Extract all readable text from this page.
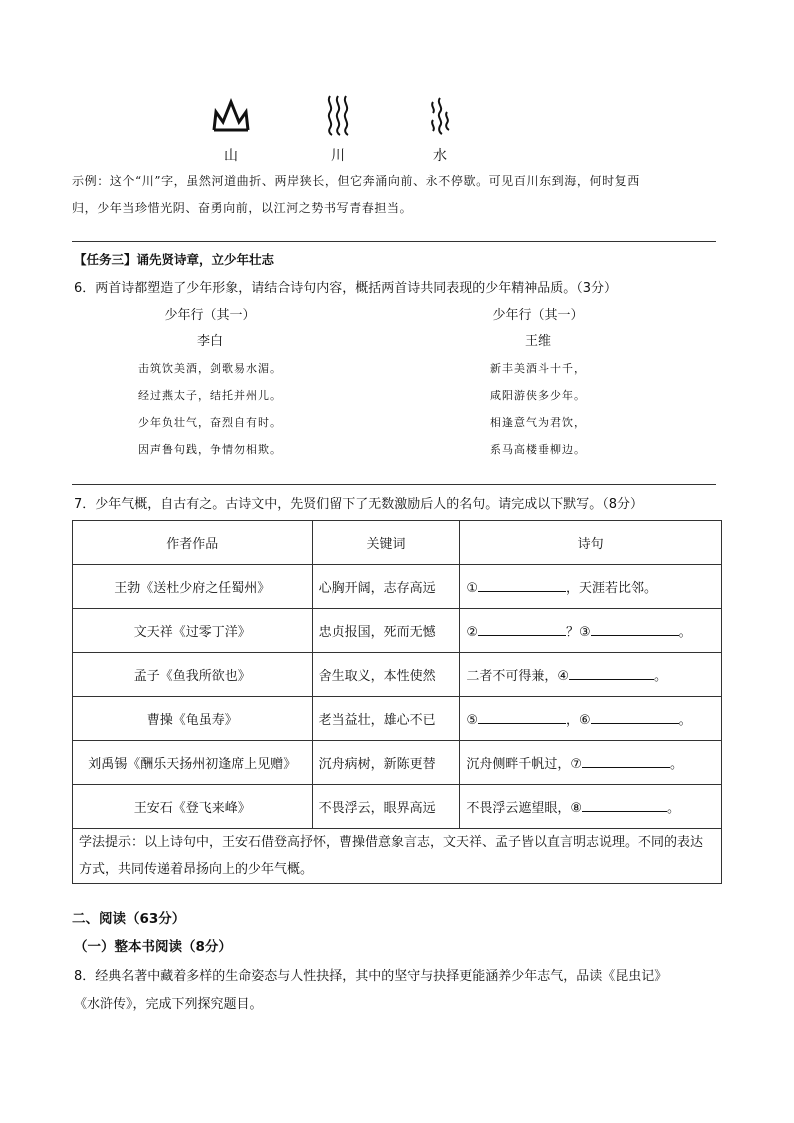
山	川	水
示例：这个“川”字，虽然河道曲折、两岸狭长，但它奔涌向前、永不停歇。可见百川东到海，何时复西
归，少年当珍惜光阴、奋勇向前，以江河之势书写青春担当。
【任务三】诵先贤诗章，立少年壮志
6．两首诗都塑造了少年形象，请结合诗句内容，概括两首诗共同表现的少年精神品质。（3分）
少年行（其一）
李白
击筑饮美酒，剑歌易水湄。
经过燕太子，结托并州儿。
少年负壮气，奋烈自有时。
因声鲁句践，争情勿相欺。
少年行（其一）
王维
新丰美酒斗十千，
咸阳游侠多少年。
相逢意气为君饮，
系马高楼垂柳边。
7．少年气概，自古有之。古诗文中，先贤们留下了无数激励后人的名句。请完成以下默写。（8分）
作者作品	关键词	诗句
王勃《送杜少府之任蜀州》	心胸开阔，志存高远	① ，天涯若比邻。
文天祥《过零丁洋》	忠贞报国，死而无憾	② ？③ 。
孟子《鱼我所欲也》	舍生取义，本性使然	二者不可得兼，④ 。
曹操《龟虽寿》	老当益壮，雄心不已	⑤ ，⑥ 。
刘禹锡《酬乐天扬州初逢席上见赠》	沉舟病树，新陈更替	沉舟侧畔千帆过，⑦ 。
王安石《登飞来峰》	不畏浮云，眼界高远	不畏浮云遮望眼，⑧ 。
学法提示：以上诗句中，王安石借登高抒怀，曹操借意象言志，文天祥、孟子皆以直言明志说理。不同的表达方式，共同传递着昂扬向上的少年气概。		
二、阅读（63分）
（一）整本书阅读（8分）
8．经典名著中藏着多样的生命姿态与人性抉择，其中的坚守与抉择更能涵养少年志气，品读《昆虫记》
《水浒传》，完成下列探究题目。
